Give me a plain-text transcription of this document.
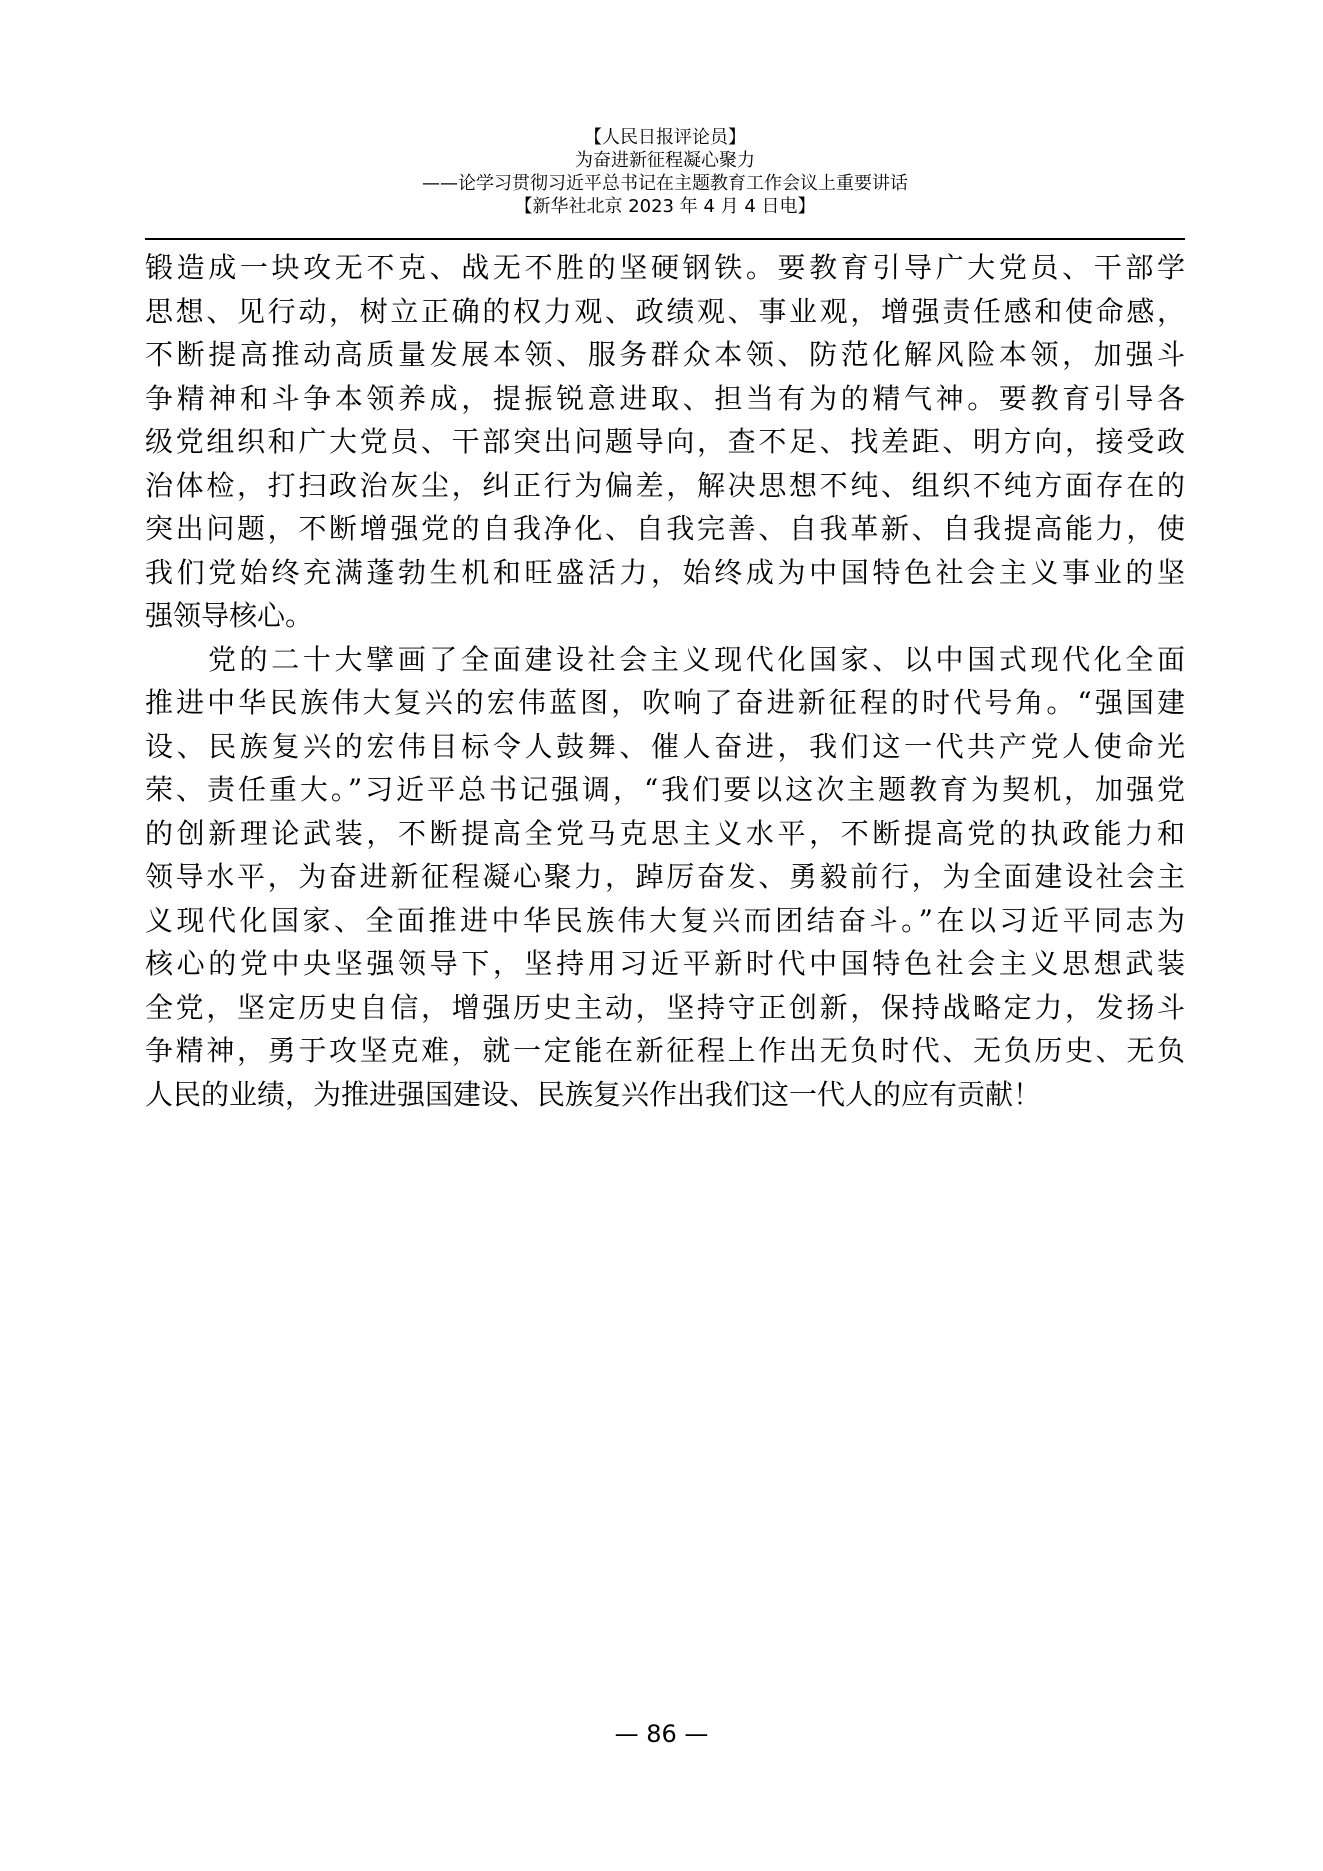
【人民日报评论员】
为奋进新征程凝心聚力
——论学习贯彻习近平总书记在主题教育工作会议上重要讲话
【新华社北京 2023 年 4 月 4 日电】
锻造成一块攻无不克、战无不胜的坚硬钢铁。要教育引导广大党员、干部学
思想、见行动，树立正确的权力观、政绩观、事业观，增强责任感和使命感，
不断提高推动高质量发展本领、服务群众本领、防范化解风险本领，加强斗
争精神和斗争本领养成，提振锐意进取、担当有为的精气神。要教育引导各
级党组织和广大党员、干部突出问题导向，查不足、找差距、明方向，接受政
治体检，打扫政治灰尘，纠正行为偏差，解决思想不纯、组织不纯方面存在的
突出问题，不断增强党的自我净化、自我完善、自我革新、自我提高能力，使
我们党始终充满蓬勃生机和旺盛活力，始终成为中国特色社会主义事业的坚
强领导核心。
党的二十大擘画了全面建设社会主义现代化国家、以中国式现代化全面
推进中华民族伟大复兴的宏伟蓝图，吹响了奋进新征程的时代号角。“强国建
设、民族复兴的宏伟目标令人鼓舞、催人奋进，我们这一代共产党人使命光
荣、责任重大。”习近平总书记强调，“我们要以这次主题教育为契机，加强党
的创新理论武装，不断提高全党马克思主义水平，不断提高党的执政能力和
领导水平，为奋进新征程凝心聚力，踔厉奋发、勇毅前行，为全面建设社会主
义现代化国家、全面推进中华民族伟大复兴而团结奋斗。”在以习近平同志为
核心的党中央坚强领导下，坚持用习近平新时代中国特色社会主义思想武装
全党，坚定历史自信，增强历史主动，坚持守正创新，保持战略定力，发扬斗
争精神，勇于攻坚克难，就一定能在新征程上作出无负时代、无负历史、无负
人民的业绩，为推进强国建设、民族复兴作出我们这一代人的应有贡献！
— 86 —
